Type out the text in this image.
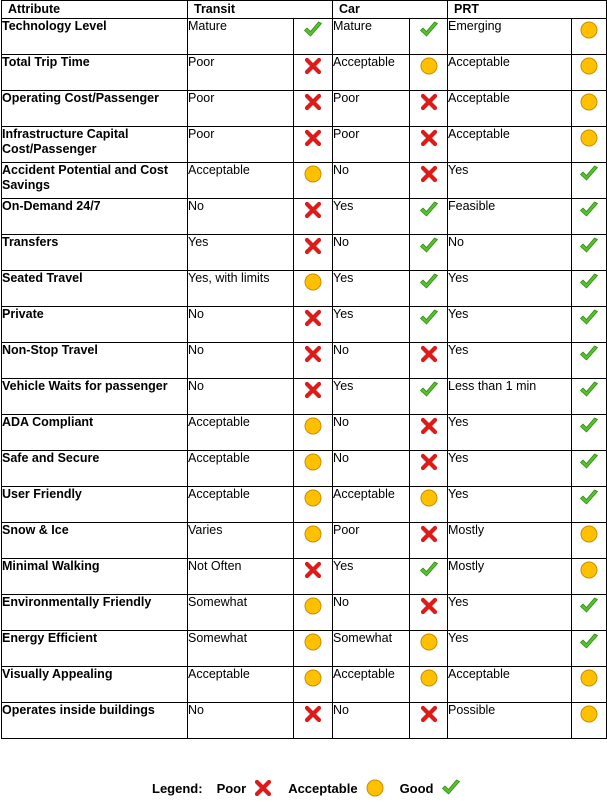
Attribute	Transit		Car		PRT	
Technology Level	Mature		Mature		Emerging	

Total Trip Time	Poor		Acceptable		Acceptable	

Operating Cost/Passenger	Poor		Poor		Acceptable	

Infrastructure Capital Cost/Passenger	Poor		Poor		Acceptable	

Accident Potential and Cost Savings	Acceptable		No		Yes	

On-Demand 24/7	No		Yes		Feasible	

Transfers	Yes		No		No	

Seated Travel	Yes, with limits		Yes		Yes	

Private	No		Yes		Yes	

Non-Stop Travel	No		No		Yes	

Vehicle Waits for passenger	No		Yes		Less than 1 min	

ADA Compliant	Acceptable		No		Yes	

Safe and Secure	Acceptable		No		Yes	

User Friendly	Acceptable		Acceptable		Yes	

Snow & Ice	Varies		Poor		Mostly	

Minimal Walking	Not Often		Yes		Mostly	

Environmentally Friendly	Somewhat		No		Yes	

Energy Efficient	Somewhat		Somewhat		Yes	

Visually Appealing	Acceptable		Acceptable		Acceptable	

Operates inside buildings	No		No		Possible	
Legend: Poor	Acceptable	Good
